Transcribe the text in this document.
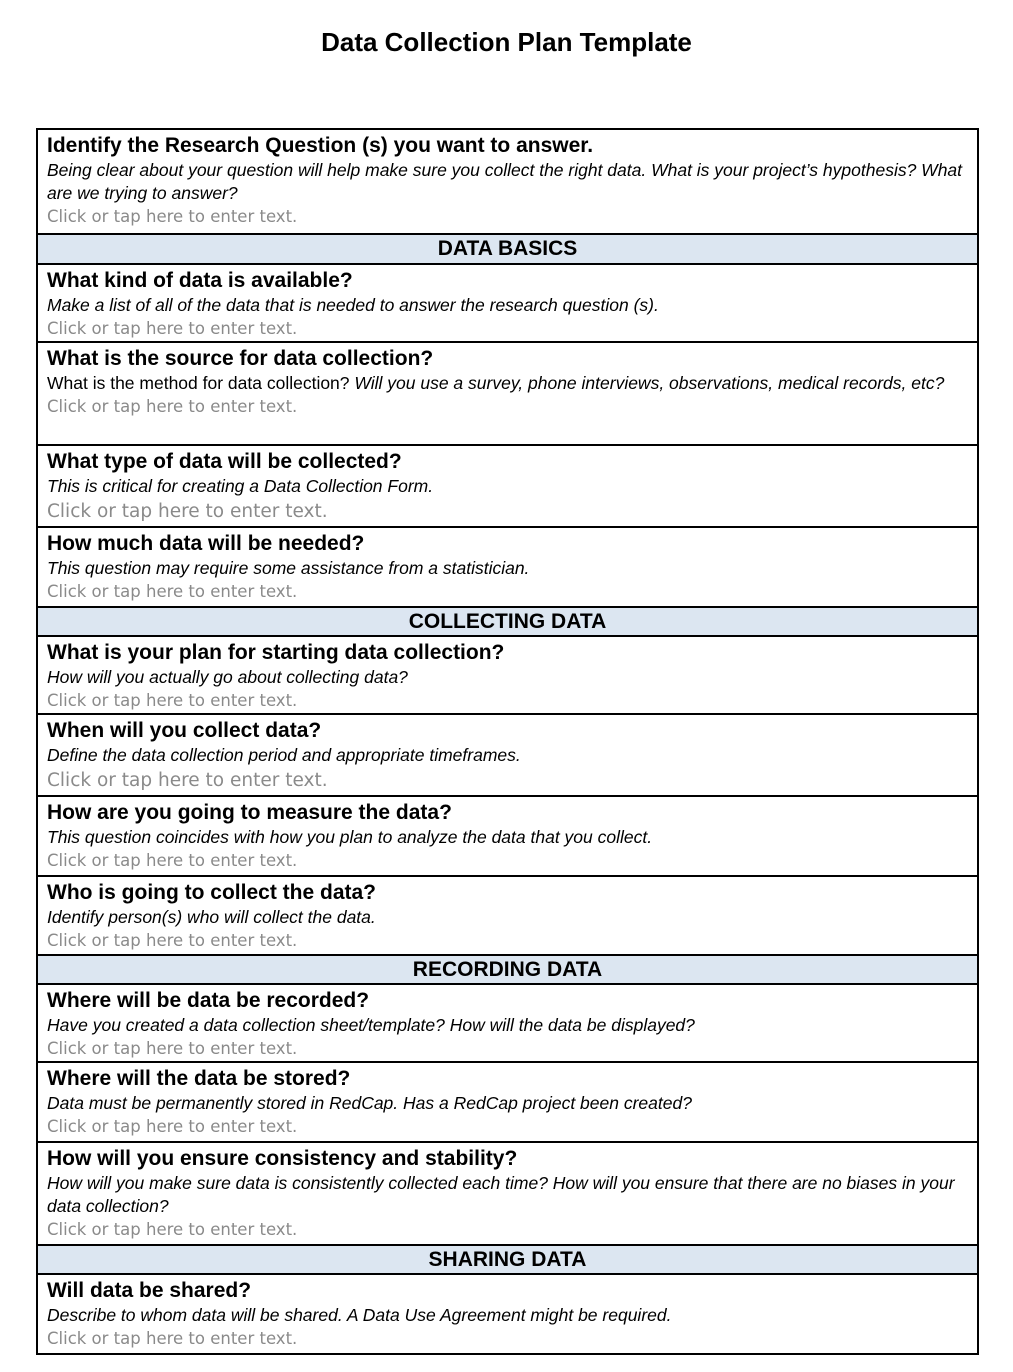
Data Collection Plan Template
Identify the Research Question (s) you want to answer.
Being clear about your question will help make sure you collect the right data. What is your project’s hypothesis? What are we trying to answer?
Click or tap here to enter text.
DATA BASICS
What kind of data is available?
Make a list of all of the data that is needed to answer the research question (s).
Click or tap here to enter text.
What is the source for data collection?
What is the method for data collection? Will you use a survey, phone interviews, observations, medical records, etc?
Click or tap here to enter text.
What type of data will be collected?
This is critical for creating a Data Collection Form.
Click or tap here to enter text.
How much data will be needed?
This question may require some assistance from a statistician.
Click or tap here to enter text.
COLLECTING DATA
What is your plan for starting data collection?
How will you actually go about collecting data?
Click or tap here to enter text.
When will you collect data?
Define the data collection period and appropriate timeframes.
Click or tap here to enter text.
How are you going to measure the data?
This question coincides with how you plan to analyze the data that you collect.
Click or tap here to enter text.
Who is going to collect the data?
Identify person(s) who will collect the data.
Click or tap here to enter text.
RECORDING DATA
Where will be data be recorded?
Have you created a data collection sheet/template? How will the data be displayed?
Click or tap here to enter text.
Where will the data be stored?
Data must be permanently stored in RedCap. Has a RedCap project been created?
Click or tap here to enter text.
How will you ensure consistency and stability?
How will you make sure data is consistently collected each time? How will you ensure that there are no biases in your data collection?
Click or tap here to enter text.
SHARING DATA
Will data be shared?
Describe to whom data will be shared. A Data Use Agreement might be required.
Click or tap here to enter text.
